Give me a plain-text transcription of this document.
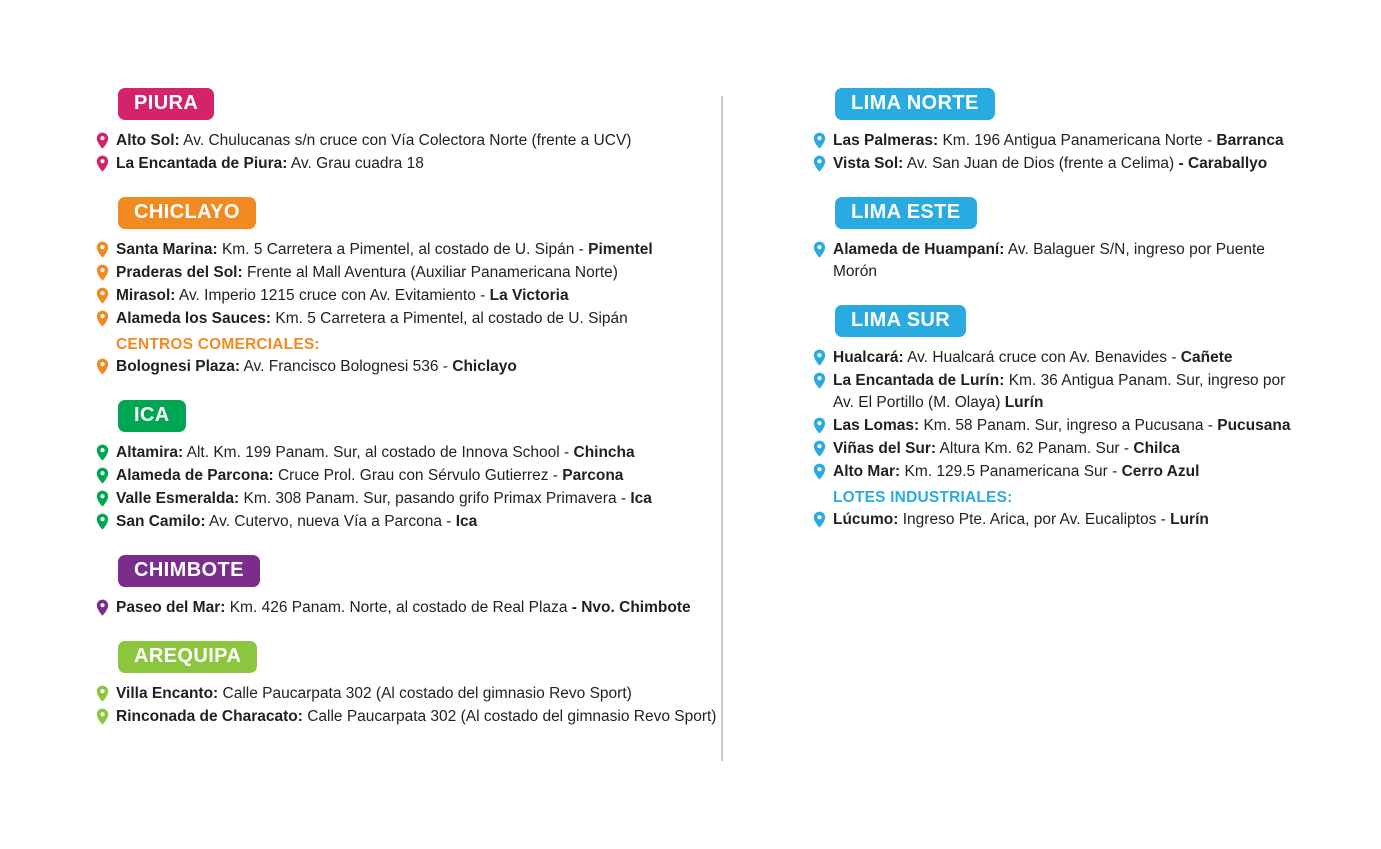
PIURA
Alto Sol: Av. Chulucanas s/n cruce con Vía Colectora Norte (frente a UCV)
La Encantada de Piura: Av. Grau cuadra 18
CHICLAYO
Santa Marina: Km. 5 Carretera a Pimentel, al costado de U. Sipán - Pimentel
Praderas del Sol: Frente al Mall Aventura (Auxiliar Panamericana Norte)
Mirasol: Av. Imperio 1215 cruce con Av. Evitamiento - La Victoria
Alameda los Sauces: Km. 5 Carretera a Pimentel, al costado de U. Sipán
CENTROS COMERCIALES:
Bolognesi Plaza: Av. Francisco Bolognesi 536 - Chiclayo
ICA
Altamira: Alt. Km. 199 Panam. Sur, al costado de Innova School - Chincha
Alameda de Parcona: Cruce Prol. Grau con Sérvulo Gutierrez - Parcona
Valle Esmeralda: Km. 308 Panam. Sur, pasando grifo Primax Primavera - Ica
San Camilo: Av. Cutervo, nueva Vía a Parcona - Ica
CHIMBOTE
Paseo del Mar: Km. 426 Panam. Norte, al costado de Real Plaza - Nvo. Chimbote
AREQUIPA
Villa Encanto: Calle Paucarpata 302 (Al costado del gimnasio Revo Sport)
Rinconada de Characato: Calle Paucarpata 302 (Al costado del gimnasio Revo Sport)
LIMA NORTE
Las Palmeras: Km. 196 Antigua Panamericana Norte - Barranca
Vista Sol: Av. San Juan de Dios (frente a Celima) - Caraballyo
LIMA ESTE
Alameda de Huampaní: Av. Balaguer S/N, ingreso por Puente Morón
LIMA SUR
Hualcará: Av. Hualcará cruce con Av. Benavides - Cañete
La Encantada de Lurín: Km. 36 Antigua Panam. Sur, ingreso por Av. El Portillo (M. Olaya) Lurín
Las Lomas: Km. 58 Panam. Sur, ingreso a Pucusana - Pucusana
Viñas del Sur: Altura Km. 62 Panam. Sur - Chilca
Alto Mar: Km. 129.5 Panamericana Sur - Cerro Azul
LOTES INDUSTRIALES:
Lúcumo: Ingreso Pte. Arica, por Av. Eucaliptos - Lurín
